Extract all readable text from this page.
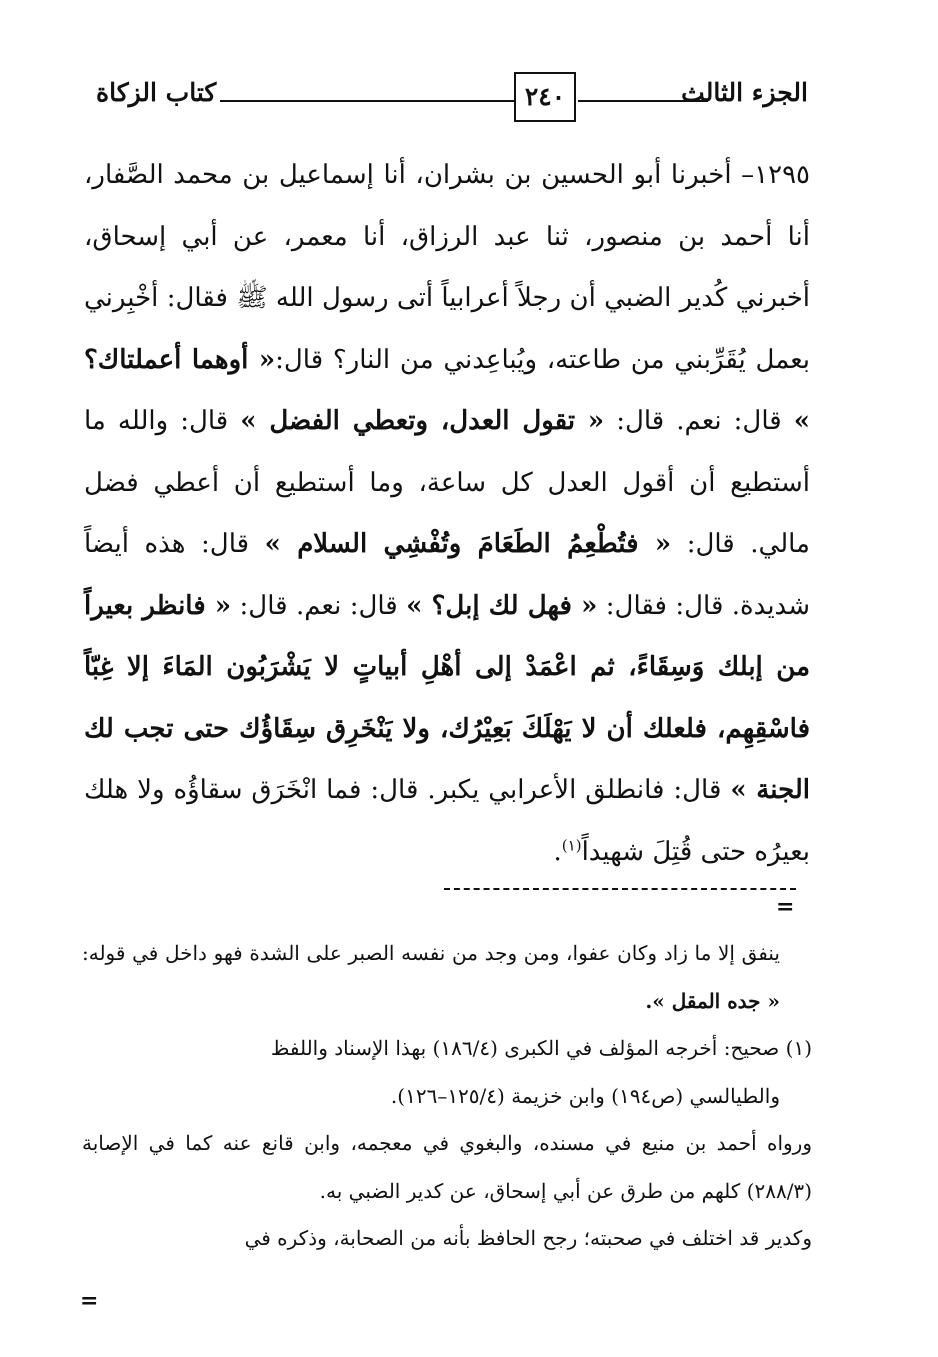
الجزء الثالث
٢٤٠
كتاب الزكاة

١٢٩٥– أخبرنا أبو الحسين بن بشران، أنا إسماعيل بن محمد الصَّفار، أنا أحمد بن منصور، ثنا عبد الرزاق، أنا معمر، عن أبي إسحاق، أخبرني كُدير الضبي أن رجلاً أعرابياً أتى رسول الله ﷺ فقال: أخْبِرني بعمل يُقَرِّبني من طاعته، ويُباعِدني من النار؟ قال:« أوهما أعملتاك؟ » قال: نعم. قال: « تقول العدل، وتعطي الفضل » قال: والله ما أستطيع أن أقول العدل كل ساعة، وما أستطيع أن أعطي فضل مالي. قال: « فتُطْعِمُ الطَعَامَ وتُفْشِي السلام » قال: هذه أيضاً شديدة. قال: فقال: « فهل لك إبل؟ » قال: نعم. قال: « فانظر بعيراً من إبلك وَسِقَاءً، ثم اعْمَدْ إلى أهْلِ أبياتٍ لا يَشْرَبُون المَاءَ إلا غِبّاً فاسْقِهِم، فلعلك أن لا يَهْلَكَ بَعِيْرُك، ولا يَنْخَرِق سِقَاؤُك حتى تجب لك الجنة » قال: فانطلق الأعرابي يكبر. قال: فما انْخَرَق سقاؤُه ولا هلك بعيرُه حتى قُتِلَ شهيداً$^{(١)}$.

=

ينفق إلا ما زاد وكان عفوا، ومن وجد من نفسه الصبر على الشدة فهو داخل في قوله: « جده المقل ».

(١) صحيح: أخرجه المؤلف في الكبرى (١٨٦/٤) بهذا الإسناد واللفظ

والطيالسي (ص١٩٤) وابن خزيمة (١٢٥/٤–١٢٦).

ورواه أحمد بن منيع في مسنده، والبغوي في معجمه، وابن قانع عنه كما في الإصابة (٢٨٨/٣) كلهم من طرق عن أبي إسحاق، عن كدير الضبي به.

وكدير قد اختلف في صحبته؛ رجح الحافظ بأنه من الصحابة، وذكره في

=
